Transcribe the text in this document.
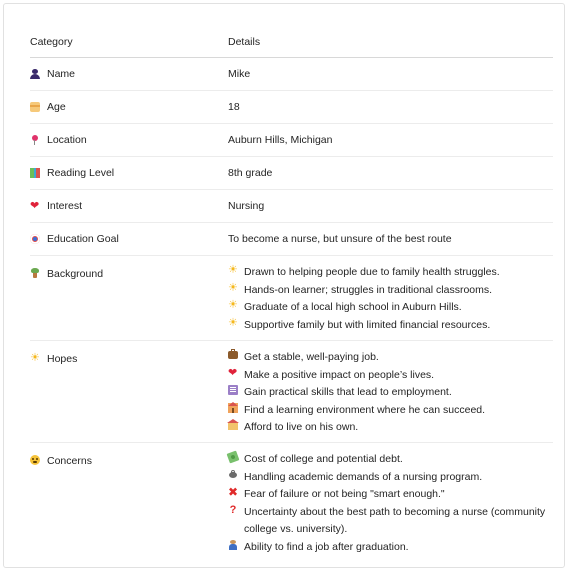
Category	Details
Name	Mike
Age	18
Location	Auburn Hills, Michigan
Reading Level	8th grade
❤ Interest	Nursing
Education Goal	To become a nurse, but unsure of the best route
Background	☀ Drawn to helping people due to family health struggles.
☀ Hands-on learner; struggles in traditional classrooms.
☀ Graduate of a local high school in Auburn Hills.
☀ Supportive family but with limited financial resources.
☀ Hopes	Get a stable, well-paying job.
❤ Make a positive impact on people’s lives.
Gain practical skills that lead to employment.
Find a learning environment where he can succeed.
Afford to live on his own.
Concerns	Cost of college and potential debt.
Handling academic demands of a nursing program.
✖ Fear of failure or not being "smart enough."
? Uncertainty about the best path to becoming a nurse (community college vs. university).
Ability to find a job after graduation.
